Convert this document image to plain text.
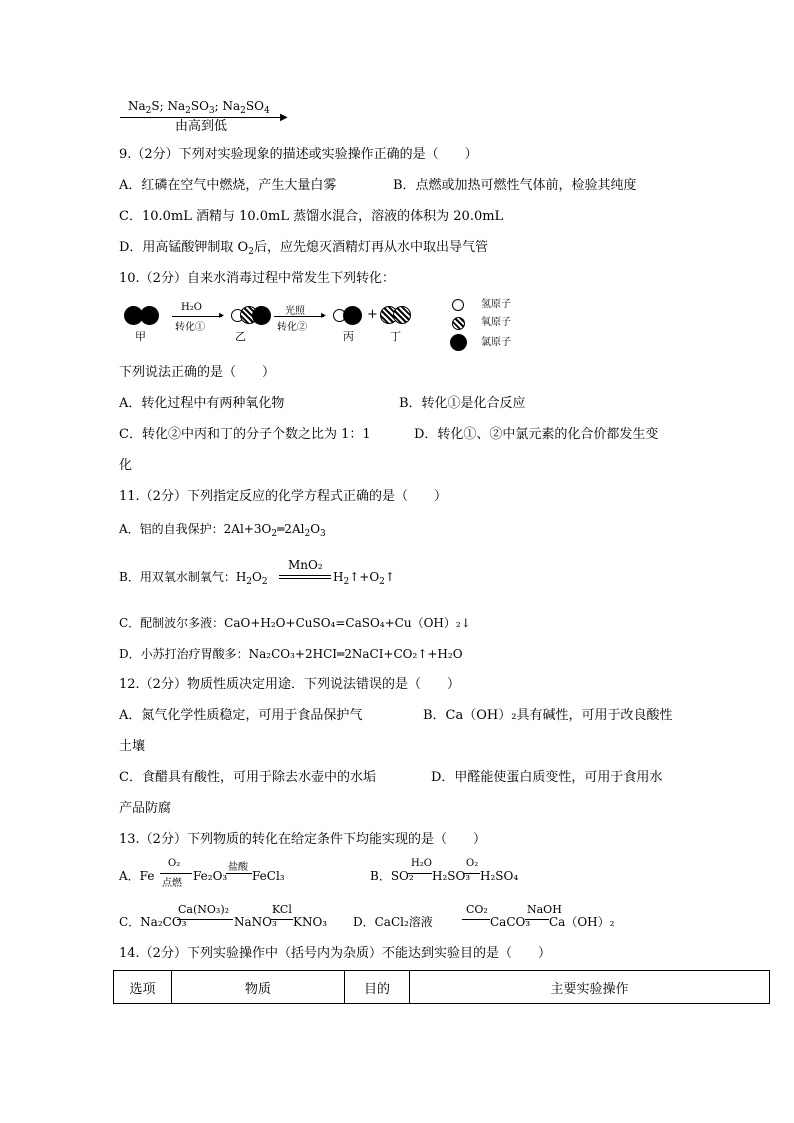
$Na_2S$; $Na_2SO_3$; $Na_2SO_4$
▶
由高到低
9.（2分）下列对实验现象的描述或实验操作正确的是（　　）
A．红磷在空气中燃烧，产生大量白雾	B．点燃或加热可燃性气体前，检验其纯度
C．10.0mL 酒精与 10.0mL 蒸馏水混合，溶液的体积为 20.0mL
D．用高锰酸钾制取 $O_2$后，应先熄灭酒精灯再从水中取出导气管
10.（2分）自来水消毒过程中常发生下列转化：
甲
H₂O
▸
转化①
乙
光照 ▸
转化②
丙
+
丁
氢原子
氧原子
氯原子
下列说法正确的是（　　）
A．转化过程中有两种氧化物	B．转化①是化合反应
C．转化②中丙和丁的分子个数之比为 1：1	D．转化①、②中氯元素的化合价都发生变
化
11.（2分）下列指定反应的化学方程式正确的是（　　）
A．铝的自我保护：$2Al+3O_2═2Al_2O_3$
B．用双氧水制氧气：$H_2O_2$
MnO₂
$H_2↑+O_2↑$
C．配制波尔多液：CaO+H₂O+CuSO₄=CaSO₄+Cu（OH）₂↓
D．小苏打治疗胃酸多：Na₂CO₃+2HCI═2NaCI+CO₂↑+H₂O
12.（2分）物质性质决定用途．下列说法错误的是（　　）
A．氮气化学性质稳定，可用于食品保护气	B．Ca（OH）₂具有碱性，可用于改良酸性
土壤
C．食醋具有酸性，可用于除去水壶中的水垢	D．甲醛能使蛋白质变性，可用于食用水
产品防腐
13.（2分）下列物质的转化在给定条件下均能实现的是（　　）
A．Fe
O₂
点燃
Fe₂O₃
盐酸
FeCl₃	B．SO₂
H₂O
H₂SO₃
O₂
H₂SO₄
C．Na₂CO₃
Ca(NO₃)₂
NaNO₃
KCl
KNO₃ D．CaCl₂溶液
CO₂
CaCO₃
NaOH
Ca（OH）₂
14.（2分）下列实验操作中（括号内为杂质）不能达到实验目的是（　　）
选项	物质	目的	主要实验操作
